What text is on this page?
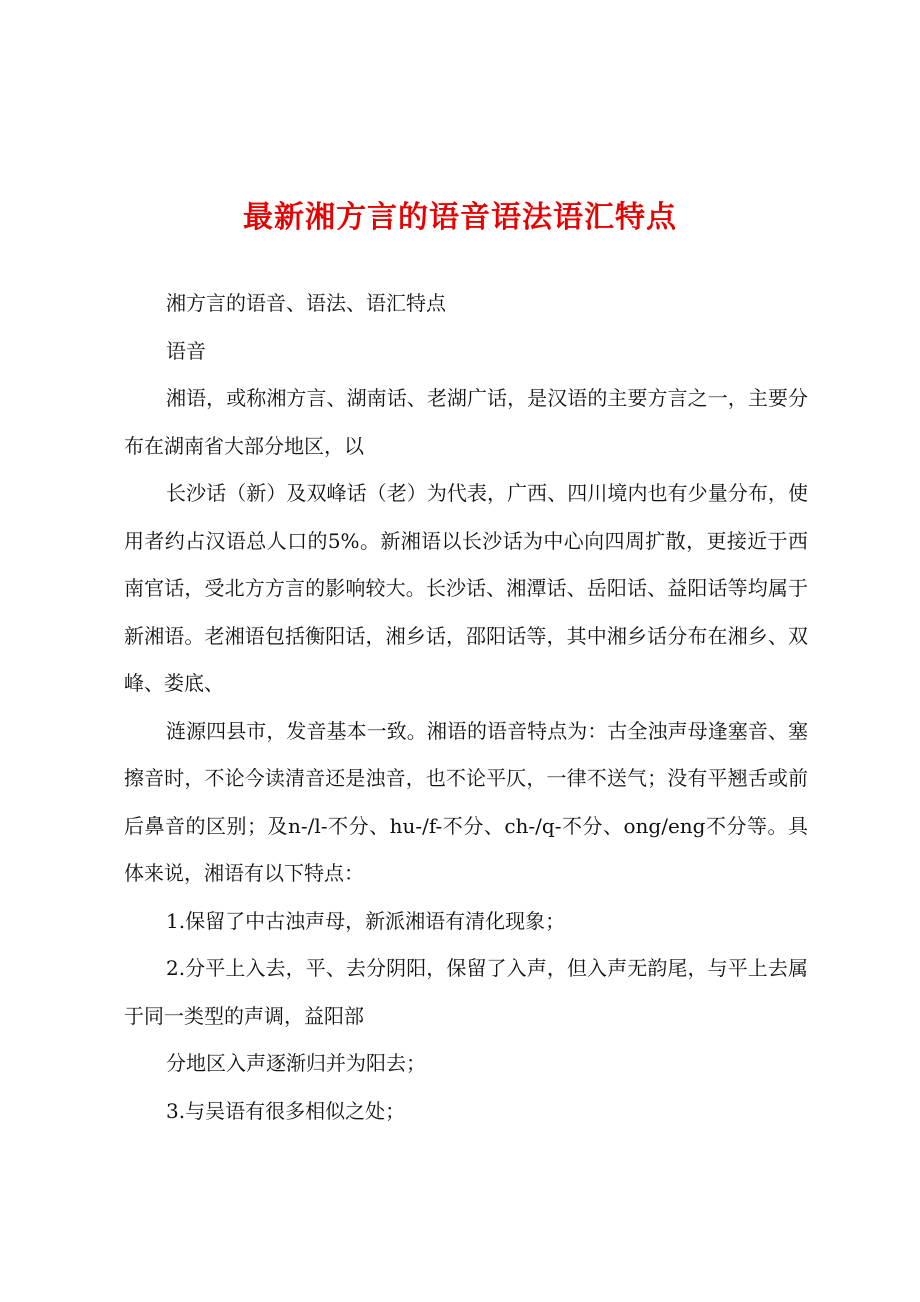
最新湘方言的语音语法语汇特点

湘方言的语音、语法、语汇特点

语音

湘语，或称湘方言、湖南话、老湖广话，是汉语的主要方言之一，主要分布在湖南省大部分地区，以

长沙话（新）及双峰话（老）为代表，广西、四川境内也有少量分布，使用者约占汉语总人口的5%。新湘语以长沙话为中心向四周扩散，更接近于西南官话，受北方方言的影响较大。长沙话、湘潭话、岳阳话、益阳话等均属于新湘语。老湘语包括衡阳话，湘乡话，邵阳话等，其中湘乡话分布在湘乡、双峰、娄底、

涟源四县市，发音基本一致。湘语的语音特点为：古全浊声母逢塞音、塞擦音时，不论今读清音还是浊音，也不论平仄，一律不送气；没有平翘舌或前后鼻音的区别；及n-/l-不分、hu-/f-不分、ch-/q-不分、ong/eng不分等。具体来说，湘语有以下特点：

1.保留了中古浊声母，新派湘语有清化现象；

2.分平上入去，平、去分阴阳，保留了入声，但入声无韵尾，与平上去属于同一类型的声调，益阳部

分地区入声逐渐归并为阳去；

3.与吴语有很多相似之处；
